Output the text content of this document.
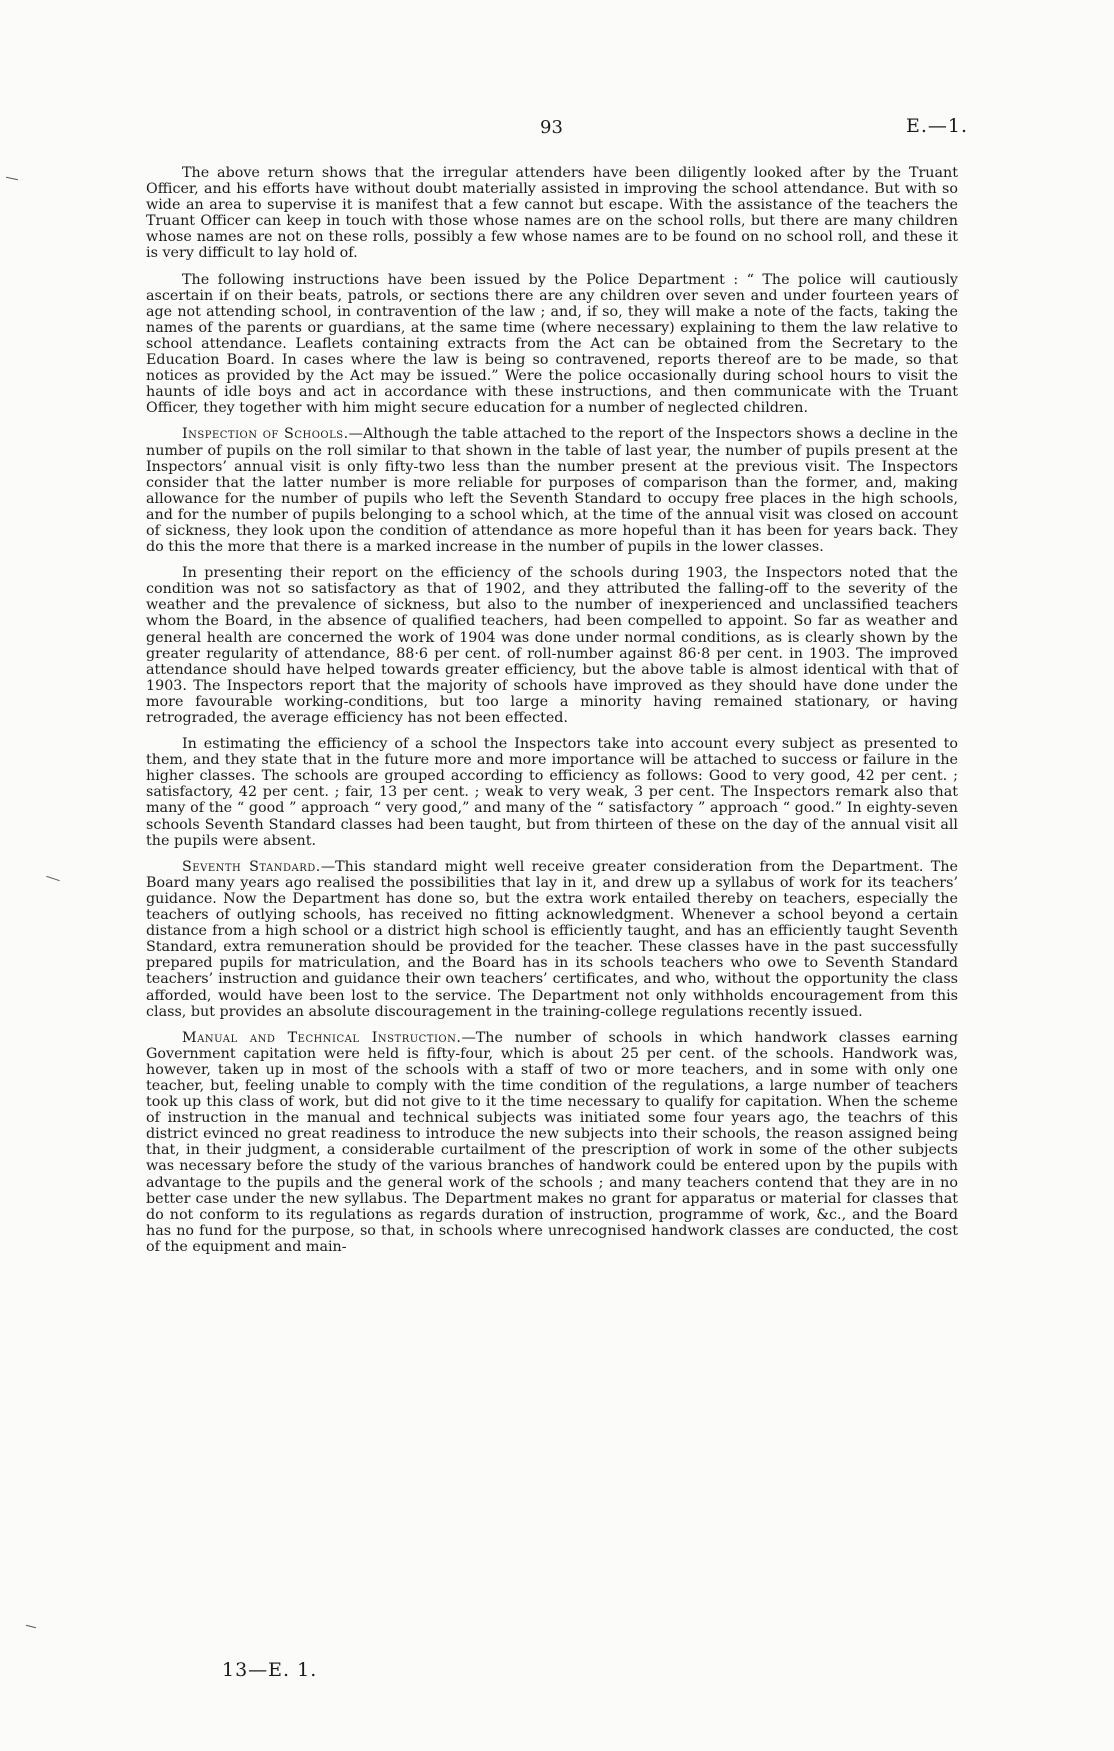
93	E.—1.

The above return shows that the irregular attenders have been diligently looked after by the Truant Officer, and his efforts have without doubt materially assisted in improving the school attendance. But with so wide an area to supervise it is manifest that a few cannot but escape. With the assistance of the teachers the Truant Officer can keep in touch with those whose names are on the school rolls, but there are many children whose names are not on these rolls, possibly a few whose names are to be found on no school roll, and these it is very difficult to lay hold of.

The following instructions have been issued by the Police Department : “ The police will cautiously ascertain if on their beats, patrols, or sections there are any children over seven and under fourteen years of age not attending school, in contravention of the law ; and, if so, they will make a note of the facts, taking the names of the parents or guardians, at the same time (where necessary) explaining to them the law relative to school attendance. Leaflets containing extracts from the Act can be obtained from the Secretary to the Education Board. In cases where the law is being so contravened, reports thereof are to be made, so that notices as provided by the Act may be issued.” Were the police occasionally during school hours to visit the haunts of idle boys and act in accordance with these instructions, and then communicate with the Truant Officer, they together with him might secure education for a number of neglected children.

Inspection of Schools.—Although the table attached to the report of the Inspectors shows a decline in the number of pupils on the roll similar to that shown in the table of last year, the number of pupils present at the Inspectors’ annual visit is only fifty-two less than the number present at the previous visit. The Inspectors consider that the latter number is more reliable for purposes of comparison than the former, and, making allowance for the number of pupils who left the Seventh Standard to occupy free places in the high schools, and for the number of pupils belonging to a school which, at the time of the annual visit was closed on account of sickness, they look upon the condition of attendance as more hopeful than it has been for years back. They do this the more that there is a marked increase in the number of pupils in the lower classes.

In presenting their report on the efficiency of the schools during 1903, the Inspectors noted that the condition was not so satisfactory as that of 1902, and they attributed the falling-off to the severity of the weather and the prevalence of sickness, but also to the number of inexperienced and unclassified teachers whom the Board, in the absence of qualified teachers, had been compelled to appoint. So far as weather and general health are concerned the work of 1904 was done under normal conditions, as is clearly shown by the greater regularity of attendance, 88·6 per cent. of roll-number against 86·8 per cent. in 1903. The improved attendance should have helped towards greater efficiency, but the above table is almost identical with that of 1903. The Inspectors report that the majority of schools have improved as they should have done under the more favourable working-conditions, but too large a minority having remained stationary, or having retrograded, the average efficiency has not been effected.

In estimating the efficiency of a school the Inspectors take into account every subject as presented to them, and they state that in the future more and more importance will be attached to success or failure in the higher classes. The schools are grouped according to efficiency as follows: Good to very good, 42 per cent. ; satisfactory, 42 per cent. ; fair, 13 per cent. ; weak to very weak, 3 per cent. The Inspectors remark also that many of the “ good ” approach “ very good,” and many of the “ satisfactory ” approach “ good.” In eighty-seven schools Seventh Standard classes had been taught, but from thirteen of these on the day of the annual visit all the pupils were absent.

Seventh Standard.—This standard might well receive greater consideration from the Department. The Board many years ago realised the possibilities that lay in it, and drew up a syllabus of work for its teachers’ guidance. Now the Department has done so, but the extra work entailed thereby on teachers, especially the teachers of outlying schools, has received no fitting acknowledgment. Whenever a school beyond a certain distance from a high school or a district high school is efficiently taught, and has an efficiently taught Seventh Standard, extra remuneration should be provided for the teacher. These classes have in the past successfully prepared pupils for matriculation, and the Board has in its schools teachers who owe to Seventh Standard teachers’ instruction and guidance their own teachers’ certificates, and who, without the opportunity the class afforded, would have been lost to the service. The Department not only withholds encouragement from this class, but provides an absolute discouragement in the training-college regulations recently issued.

Manual and Technical Instruction.—The number of schools in which handwork classes earning Government capitation were held is fifty-four, which is about 25 per cent. of the schools. Handwork was, however, taken up in most of the schools with a staff of two or more teachers, and in some with only one teacher, but, feeling unable to comply with the time condition of the regulations, a large number of teachers took up this class of work, but did not give to it the time necessary to qualify for capitation. When the scheme of instruction in the manual and technical subjects was initiated some four years ago, the teachrs of this district evinced no great readiness to introduce the new subjects into their schools, the reason assigned being that, in their judgment, a considerable curtailment of the prescription of work in some of the other subjects was necessary before the study of the various branches of handwork could be entered upon by the pupils with advantage to the pupils and the general work of the schools ; and many teachers contend that they are in no better case under the new syllabus. The Department makes no grant for apparatus or material for classes that do not conform to its regulations as regards duration of instruction, programme of work, &c., and the Board has no fund for the purpose, so that, in schools where unrecognised handwork classes are conducted, the cost of the equipment and main-

13—E. 1.
